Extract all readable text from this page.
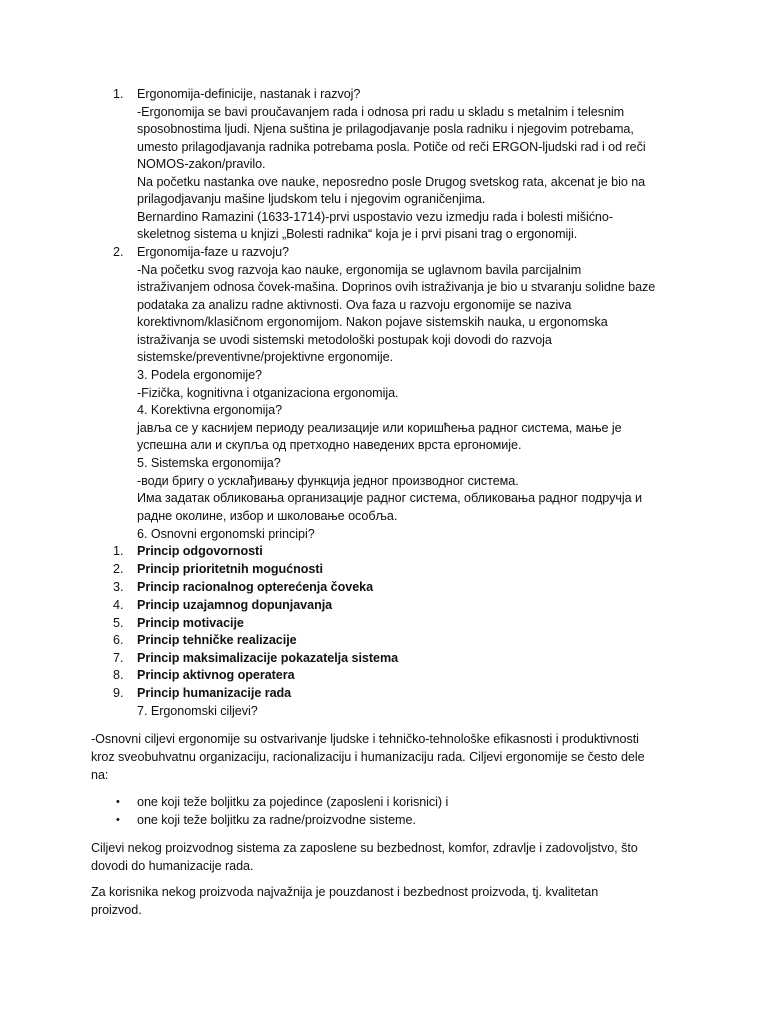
1. Ergonomija-definicije, nastanak i razvoj?
-Ergonomija se bavi proučavanjem rada i odnosa pri radu u skladu s metalnim i telesnim
sposobnostima ljudi. Njena suština je prilagodjavanje posla radniku i njegovim potrebama,
umesto prilagodjavanja radnika potrebama posla. Potiče od reči ERGON-ljudski rad i od reči
NOMOS-zakon/pravilo.
Na početku nastanka ove nauke, neposredno posle Drugog svetskog rata, akcenat je bio na
prilagodjavanju mašine ljudskom telu i njegovim ograničenjima.
Bernardino Ramazini (1633-1714)-prvi uspostavio vezu izmedju rada i bolesti mišićno-
skeletnog sistema u knjizi „Bolesti radnika“ koja je i prvi pisani trag o ergonomiji.
2. Ergonomija-faze u razvoju?
-Na početku svog razvoja kao nauke, ergonomija se uglavnom bavila parcijalnim
istraživanjem odnosa čovek-mašina. Doprinos ovih istraživanja je bio u stvaranju solidne baze
podataka za analizu radne aktivnosti. Ova faza u razvoju ergonomije se naziva
korektivnom/klasičnom ergonomijom. Nakon pojave sistemskih nauka, u ergonomska
istraživanja se uvodi sistemski metodološki postupak koji dovodi do razvoja
sistemske/preventivne/projektivne ergonomije.
3. Podela ergonomije?
-Fizička, kognitivna i otganizaciona ergonomija.
4. Korektivna ergonomija?
јавља се у каснијем периоду реализације или коришћења радног система, мање је
успешна али и скупља од претходно наведених врста ергономије.
5. Sistemska ergonomija?
-води бригу о усклађивању функција једног производног система.
Има задатак обликовања организације радног система, обликовања радног подручја и
радне околине, избор и школовање особља.
6. Osnovni ergonomski principi?
1. Princip odgovornosti
2. Princip prioritetnih mogućnosti
3. Princip racionalnog opterećenja čoveka
4. Princip uzajamnog dopunjavanja
5. Princip motivacije
6. Princip tehničke realizacije
7. Princip maksimalizacije pokazatelja sistema
8. Princip aktivnog operatera
9. Princip humanizacije rada
7. Ergonomski ciljevi?
-Osnovni ciljevi ergonomije su ostvarivanje ljudske i tehničko-tehnološke efikasnosti i produktivnosti
kroz sveobuhvatnu organizaciju, racionalizaciju i humanizaciju rada. Ciljevi ergonomije se često dele
na:
• one koji teže boljitku za pojedince (zaposleni i korisnici) i
• one koji teže boljitku za radne/proizvodne sisteme.
Ciljevi nekog proizvodnog sistema za zaposlene su bezbednost, komfor, zdravlje i zadovoljstvo, što
dovodi do humanizacije rada.
Za korisnika nekog proizvoda najvažnija je pouzdanost i bezbednost proizvoda, tj. kvalitetan
proizvod.
